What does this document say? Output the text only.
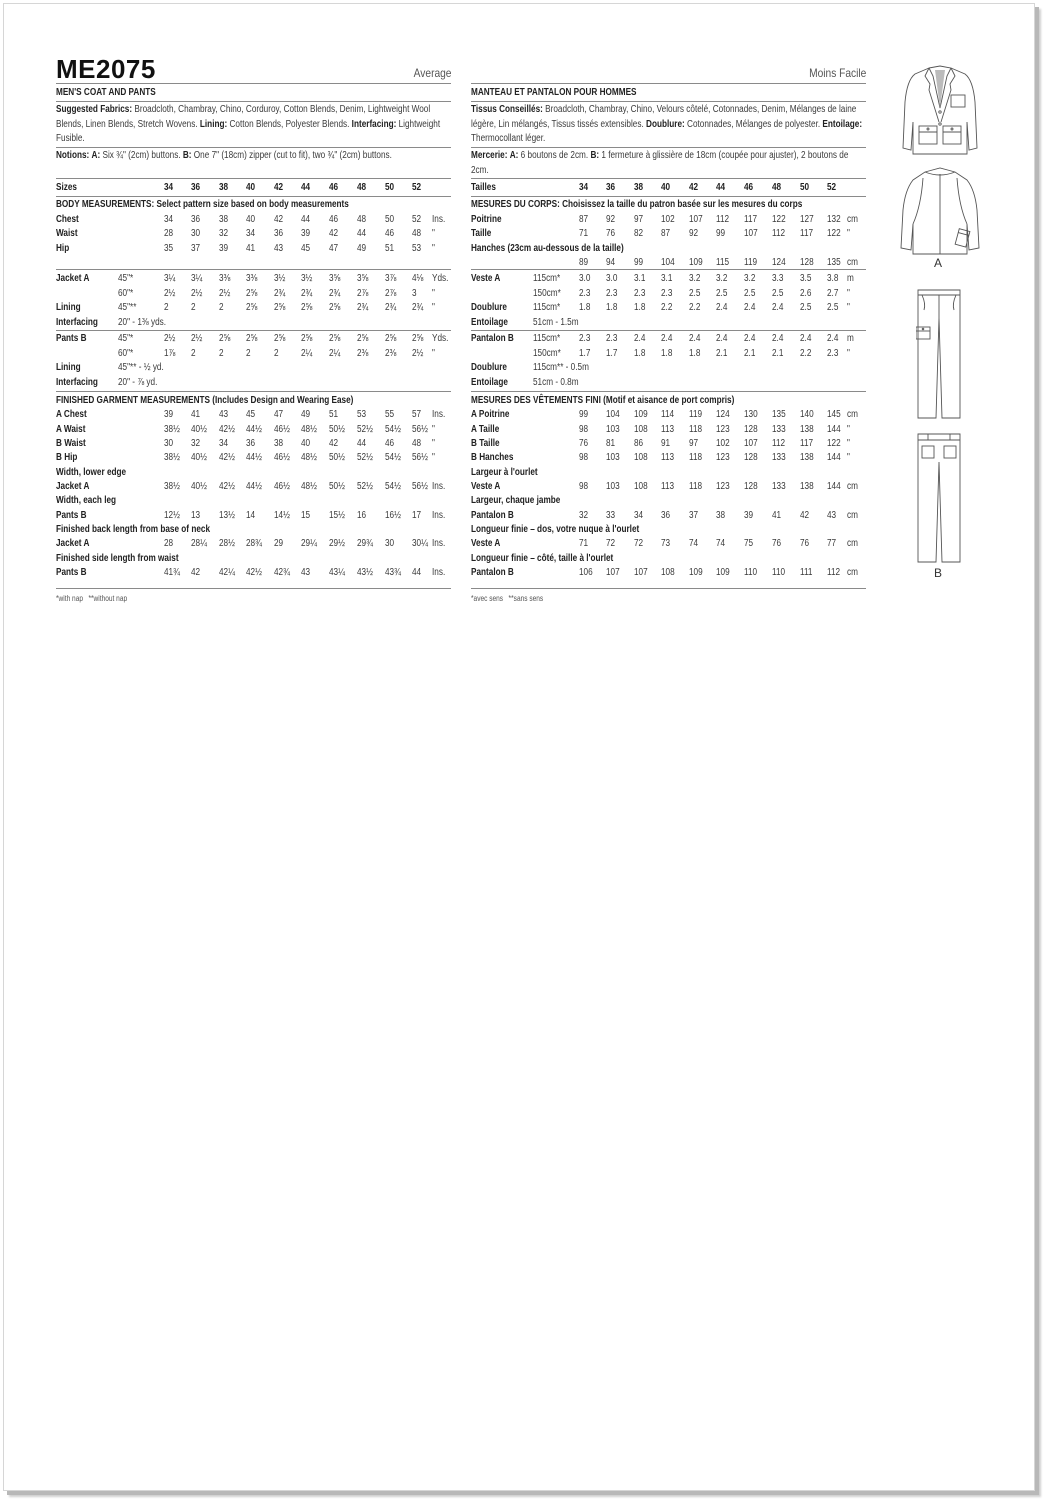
ME2075	Average
MEN'S COAT AND PANTS
Suggested Fabrics: Broadcloth, Chambray, Chino, Corduroy, Cotton Blends, Denim, Lightweight Wool Blends, Linen Blends, Stretch Wovens. Lining: Cotton Blends, Polyester Blends. Interfacing: Lightweight Fusible.
Notions: A: Six ¾" (2cm) buttons. B: One 7" (18cm) zipper (cut to fit), two ¾" (2cm) buttons.
Sizes	34 36 38 40 42 44 46 48 50 52
BODY MEASUREMENTS: Select pattern size based on body measurements
Chest	34 36 38 40 42 44 46 48 50 52 Ins.
Waist	28 30 32 34 36 39 42 44 46 48 "
Hip	35 37 39 41 43 45 47 49 51 53 "
Jacket A	45"*	3¼ 3¼ 3⅜ 3⅜ 3½ 3½ 3⅝ 3⅝ 3⅞ 4⅛ Yds.
60"*	2½ 2½ 2½ 2⅝ 2¾ 2¾ 2¾ 2⅞ 2⅞ 3 "
Lining	45"**	2 2 2 2⅝ 2⅝ 2⅝ 2⅝ 2¾ 2¾ 2¾ "
Interfacing 20" - 1⅜ yds.
Pants B	45"*	2½ 2½ 2⅝ 2⅝ 2⅝ 2⅝ 2⅝ 2⅝ 2⅝ 2⅝ Yds.
60"*	1⅞ 2 2 2 2 2¼ 2¼ 2⅜ 2⅜ 2½ "
Lining	45"** - ½ yd.
Interfacing 20" - ⅞ yd.
FINISHED GARMENT MEASUREMENTS (Includes Design and Wearing Ease)
A Chest	39 41 43 45 47 49 51 53 55 57 Ins.
A Waist	38½ 40½ 42½ 44½ 46½ 48½ 50½ 52½ 54½ 56½ "
B Waist	30 32 34 36 38 40 42 44 46 48 "
B Hip	38½ 40½ 42½ 44½ 46½ 48½ 50½ 52½ 54½ 56½ "
Width, lower edge
Jacket A	38½ 40½ 42½ 44½ 46½ 48½ 50½ 52½ 54½ 56½ Ins.
Width, each leg
Pants B	12½ 13 13½ 14 14½ 15 15½ 16 16½ 17 Ins.
Finished back length from base of neck
Jacket A	28 28¼ 28½ 28¾ 29 29¼ 29½ 29¾ 30 30¼ Ins.
Finished side length from waist
Pants B	41¾ 42 42¼ 42½ 42¾ 43 43¼ 43½ 43¾ 44 Ins.
*with nap   **without nap
Moins Facile
MANTEAU ET PANTALON POUR HOMMES
Tissus Conseillés: Broadcloth, Chambray, Chino, Velours côtelé, Cotonnades, Denim, Mélanges de laine légère, Lin mélangés, Tissus tissés extensibles. Doublure: Cotonnades, Mélanges de polyester. Entoilage: Thermocollant léger.
Mercerie: A: 6 boutons de 2cm. B: 1 fermeture à glissière de 18cm (coupée pour ajuster), 2 boutons de 2cm.
Tailles	34 36 38 40 42 44 46 48 50 52
MESURES DU CORPS: Choisissez la taille du patron basée sur les mesures du corps
Poitrine	87 92 97 102 107 112 117 122 127 132 cm
Taille	71 76 82 87 92 99 107 112 117 122 "
Hanches (23cm au-dessous de la taille)
89 94 99 104 109 115 119 124 128 135 cm
Veste A	115cm* 3.0 3.0 3.1 3.1 3.2 3.2 3.2 3.3 3.5 3.8 m
150cm* 2.3 2.3 2.3 2.3 2.5 2.5 2.5 2.5 2.6 2.7 "
Doublure	115cm* 1.8 1.8 1.8 2.2 2.2 2.4 2.4 2.4 2.5 2.5 "
Entoilage	51cm - 1.5m
Pantalon B 115cm* 2.3 2.3 2.4 2.4 2.4 2.4 2.4 2.4 2.4 2.4 m
150cm* 1.7 1.7 1.8 1.8 1.8 2.1 2.1 2.1 2.2 2.3 "
Doublure	115cm** - 0.5m
Entoilage	51cm - 0.8m
MESURES DES VÊTEMENTS FINI (Motif et aisance de port compris)
A Poitrine	99 104 109 114 119 124 130 135 140 145 cm
A Taille	98 103 108 113 118 123 128 133 138 144 "
B Taille	76 81 86 91 97 102 107 112 117 122 "
B Hanches	98 103 108 113 118 123 128 133 138 144 "
Largeur à l'ourlet
Veste A	98 103 108 113 118 123 128 133 138 144 cm
Largeur, chaque jambe
Pantalon B	32 33 34 36 37 38 39 41 42 43 cm
Longueur finie – dos, votre nuque à l'ourlet
Veste A	71 72 72 73 74 74 75 76 76 77 cm
Longueur finie – côté, taille à l'ourlet
Pantalon B	106 107 107 108 109 109 110 110 111 112 cm
*avec sens   **sans sens
A
B
